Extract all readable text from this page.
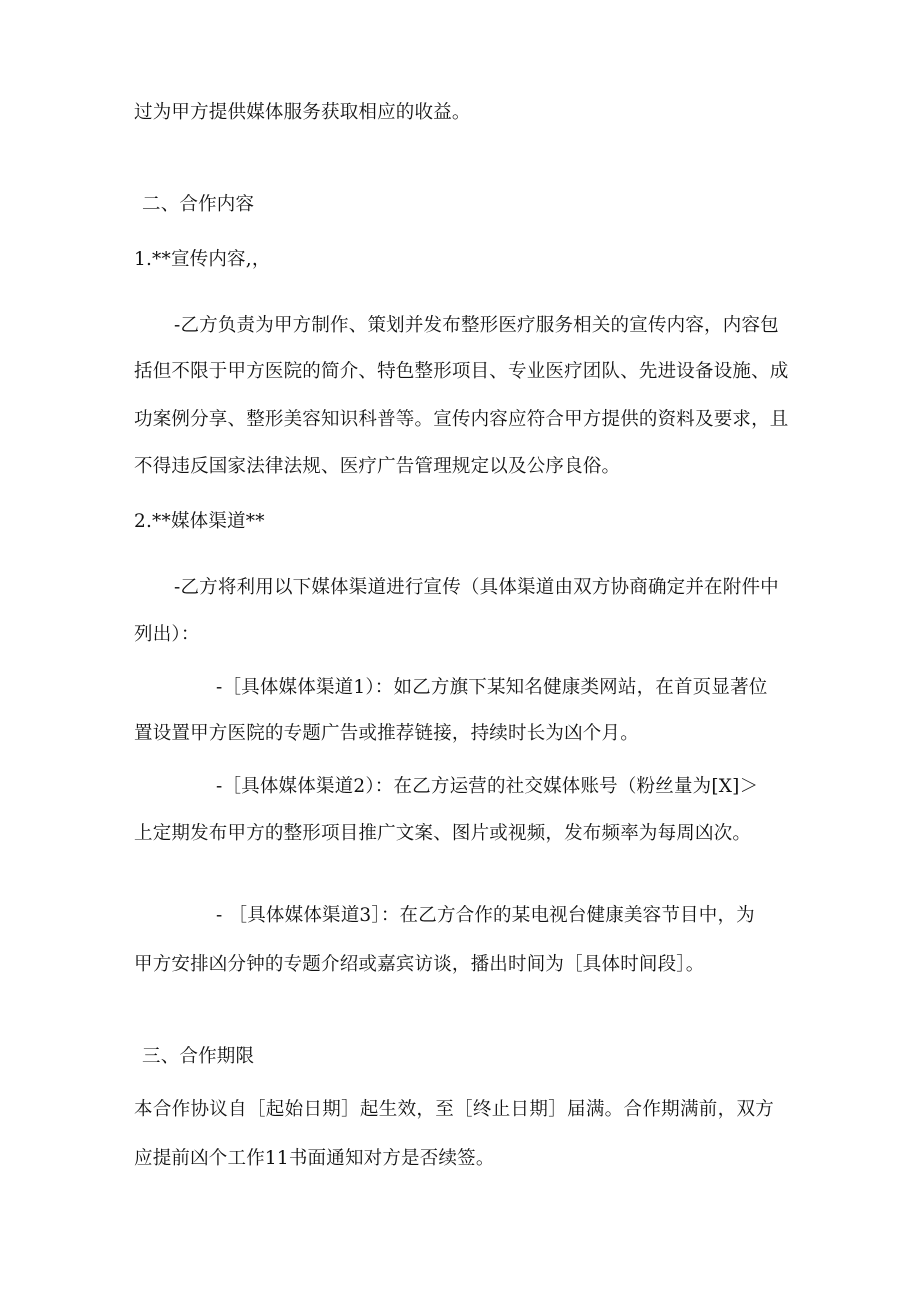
过为甲方提供媒体服务获取相应的收益。
二、合作内容
1.**宣传内容,，
-乙方负责为甲方制作、策划并发布整形医疗服务相关的宣传内容，内容包
括但不限于甲方医院的简介、特色整形项目、专业医疗团队、先进设备设施、成
功案例分享、整形美容知识科普等。宣传内容应符合甲方提供的资料及要求，且
不得违反国家法律法规、医疗广告管理规定以及公序良俗。
2.**媒体渠道**
-乙方将利用以下媒体渠道进行宣传（具体渠道由双方协商确定并在附件中
列出）：
-［具体媒体渠道1）：如乙方旗下某知名健康类网站，在首页显著位
置设置甲方医院的专题广告或推荐链接，持续时长为凶个月。
-［具体媒体渠道2）：在乙方运营的社交媒体账号（粉丝量为[X]＞
上定期发布甲方的整形项目推广文案、图片或视频，发布频率为每周凶次。
- ［具体媒体渠道3］：在乙方合作的某电视台健康美容节目中，为
甲方安排凶分钟的专题介绍或嘉宾访谈，播出时间为［具体时间段］。
三、合作期限
本合作协议自［起始日期］起生效，至［终止日期］届满。合作期满前，双方
应提前凶个工作11书面通知对方是否续签。
